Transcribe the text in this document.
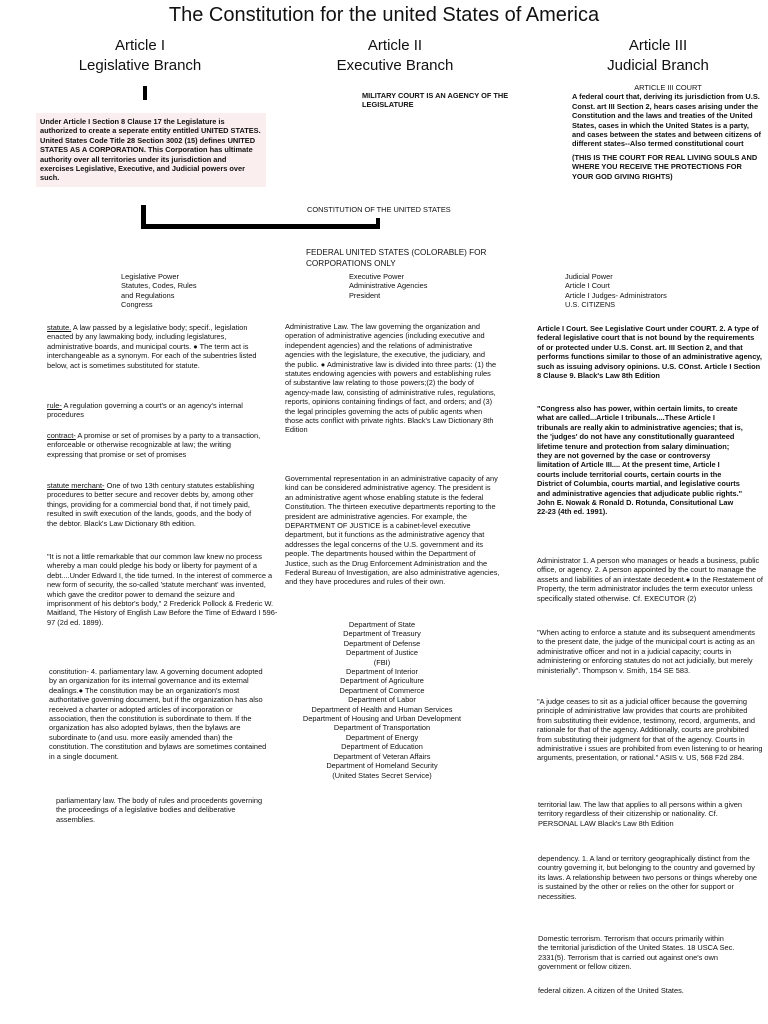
The Constitution for the united States of America
Article I
Legislative Branch
Article II
Executive Branch
Article III
Judicial Branch
MILITARY COURT IS AN AGENCY OF THE LEGISLATURE
Under Article I Section 8 Clause 17 the Legislature is authorized to create a seperate entity entitled UNITED STATES. United States Code Title 28 Section 3002 (15) defines UNITED STATES AS A CORPORATION. This Corporation has ultimate authority over all territories under its jurisdiction and exercises Legislative, Executive, and Judicial powers over such.
ARTICLE III COURT
A federal court that, deriving its jurisdiction from U.S. Const. art III Section 2, hears cases arising under the Constitution and the laws and treaties of the United States, cases in which the United States is a party, and cases between the states and between citizens of different states--Also termed constitutional court
(THIS IS THE COURT FOR REAL LIVING SOULS AND WHERE YOU RECEIVE THE PROTECTIONS FOR YOUR GOD GIVING RIGHTS)
CONSTITUTION OF THE UNITED STATES
FEDERAL UNITED STATES (COLORABLE) FOR CORPORATIONS ONLY
Legislative Power
Statutes, Codes, Rules
and Regulations
Congress
Executive Power
Administrative Agencies
President
Judicial Power
Article I Court
Article I Judges- Administrators
U.S. CITIZENS
statute. A law passed by a legislative body; specif., legislation enacted by any lawmaking body, including legislatures, administrative boards, and municipal courts. ● The term act is interchangeable as a synonym. For each of the subentries listed below, act is sometimes substituted for statute.
rule- A regulation governing a court's or an agency's internal procedures
contract- A promise or set of promises by a party to a transaction, enforceable or otherwise recognizable at law; the writing expressing that promise or set of promises
statute merchant- One of two 13th century statutes establishing procedures to better secure and recover debts by, among other things, providing for a commercial bond that, if not timely paid, resulted in swift execution of the lands, goods, and the body of the debtor. Black's Law Dictionary 8th edition.
"It is not a little remarkable that our common law knew no process whereby a man could pledge his body or liberty for payment of a debt....Under Edward I, the tide turned. In the interest of commerce a new form of security, the so-called 'statute merchant' was invented, which gave the creditor power to demand the seizure and imprisonment of his debtor's body," 2 Frederick Pollock & Frederic W. Maitland, The History of English Law Before the Time of Edward I 596-97 (2d ed. 1899).
constitution- 4. parliamentary law. A governing document adopted by an organization for its internal governance and its external dealings.● The constitution may be an organization's most authoritative governing document, but if the organization has also received a charter or adopted articles of incorporation or association, then the constitution is subordinate to them. If the organization has also adopted bylaws, then the bylaws are subordinate to (and usu. more easily amended than) the constitution. The constitution and bylaws are sometimes contained in a single document.
parliamentary law. The body of rules and procedents governing the proceedings of a legislative bodies and deliberative assemblies.
Administrative Law. The law governing the organization and operation of administrative agencies (including executive and independent agencies) and the relations of administrative agencies with the legislature, the executive, the judiciary, and the public. ● Administrative law is divided into three parts: (1) the statutes endowing agencies with powers and establishing rules of substantive law relating to those powers;(2) the body of agency-made law, consisting of administrative rules, regulations, reports, opinions containing findings of fact, and orders; and (3) the legal principles governing the acts of public agents when those acts conflict with private rights. Black's Law Dictionary 8th Edition
Governmental representation in an administrative capacity of any kind can be considered administrative agency. The president is an administrative agent whose enabling statute is the federal Constitution. The thirteen executive departments reporting to the president are administrative agencies. For example, the DEPARTMENT OF JUSTICE is a cabinet-level executive department, but it functions as the administrative agency that addresses the legal concerns of the U.S. government and its people. The departments housed within the Department of Justice, such as the Drug Enforcement Administration and the Federal Bureau of Investigation, are also administrative agencies, and they have procedures and rules of their own.
Department of State
Department of Treasury
Department of Defense
Department of Justice
(FBI)
Department of Interior
Department of Agriculture
Department of Commerce
Department of Labor
Department of Health and Human Services
Department of Housing and Urban Development
Department of Transportation
Department of Energy
Department of Education
Department of Veteran Affairs
Department of Homeland Security
(United States Secret Service)
Article I Court. See Legislative Court under COURT. 2. A type of federal legislative court that is not bound by the requirements of or protected under U.S. Const. art. III Section 2, and that performs functions similar to those of an administrative agency, such as issuing advisory opinions. U.S. COnst. Article I Section 8 Clause 9. Black's Law 8th Edition
"Congress also has power, within certain limits, to create what are called...Article I tribunals....These Article I tribunals are really akin to administrative agencies; that is, the 'judges' do not have any constitutionally guaranteed lifetime tenure and protection from salary diminuation; they are not governed by the case or controversy limitation of Article III.... At the present time, Article I courts include territorial courts, certain courts in the District of Columbia, courts martial, and legislative courts and administrative agencies that adjudicate public rights." John E. Nowak & Ronald D. Rotunda, Consitutional Law 22-23 (4th ed. 1991).
Administrator 1. A person who manages or heads a business, public office, or agency. 2. A person appointed by the court to manage the assets and liabilities of an intestate decedent.● In the Restatement of Property, the term administrator includes the term executor unless specifically stated otherwise. Cf. EXECUTOR (2)
"When acting to enforce a statute and its subsequent amendments to the present date, the judge of the municipal court is acting as an administrative officer and not in a judicial capacity; courts in administering or enforcing statutes do not act judicially, but merely ministerially". Thompson v. Smith, 154 SE 583.
"A judge ceases to sit as a judicial officer because the governing principle of administrative law provides that courts are prohibited from substituting their evidence, testimony, record, arguments, and rationale for that of the agency. Additionally, courts are prohibited from substituting their judgment for that of the agency. Courts in administrative i ssues are prohibited from even listening to or hearing arguments, presentation, or rational." ASIS v. US, 568 F2d 284.
territorial law. The law that applies to all persons within a given territory regardless of their citizenship or nationality. Cf. PERSONAL LAW Black's Law 8th Edition
dependency. 1. A land or territory geographically distinct from the country governing it, but belonging to the country and governed by its laws. A relationship between two persons or things whereby one is sustained by the other or relies on the other for support or necessities.
Domestic terrorism. Terrorism that occurs primarily within the territorial jurisdiction of the United States. 18 USCA Sec. 2331(5). Terrorism that is carried out against one's own government or fellow citizen.
federal citizen. A citizen of the United States.
